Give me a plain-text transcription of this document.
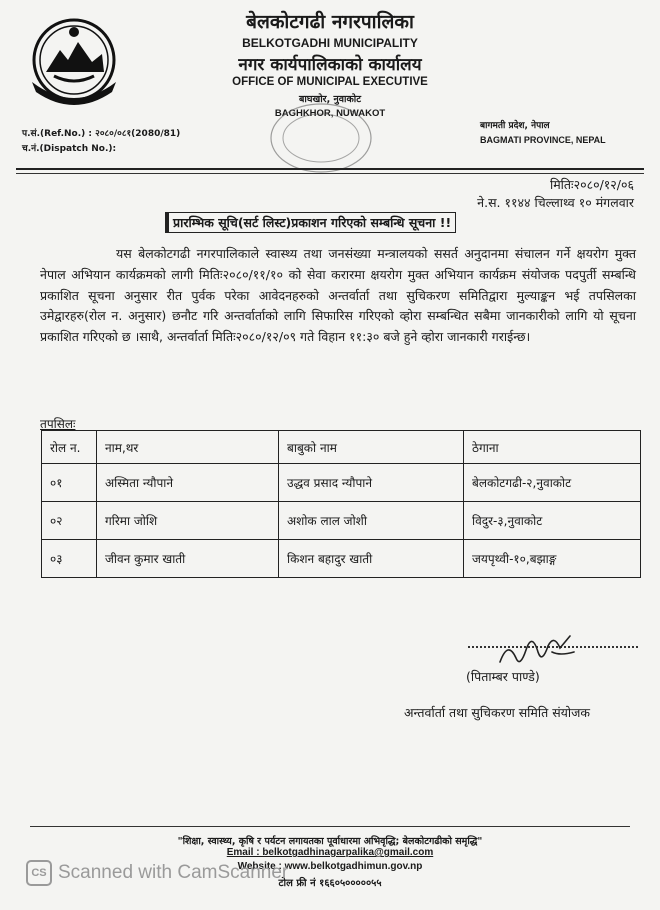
बेलकोटगढी नगरपालिका
BELKOTGADHI MUNICIPALITY
नगर कार्यपालिकाको कार्यालय
OFFICE OF MUNICIPAL EXECUTIVE
बाघखोर, नुवाकोट
BAGHKHOR, NUWAKOT
प.सं.(Ref.No.) : २०८०/०८१(2080/81)
च.नं.(Dispatch No.):
बागमती प्रदेश, नेपाल
BAGMATI PROVINCE, NEPAL
मितिः२०८०/१२/०६
ने.स. ११४४ चिल्लाथ्व १० मंगलवार
प्रारम्भिक सूचि(सर्ट लिस्ट)प्रकाशन गरिएको सम्बन्धि सूचना !!
यस बेलकोटगढी नगरपालिकाले स्वास्थ्य तथा जनसंख्या मन्त्रालयको ससर्त अनुदानमा संचालन गर्ने क्षयरोग मुक्त नेपाल अभियान कार्यक्रमको लागी मितिः२०८०/११/१० को सेवा करारमा क्षयरोग मुक्त अभियान कार्यक्रम संयोजक पदपुर्ती सम्बन्धि प्रकाशित सूचना अनुसार रीत पुर्वक परेका आवेदनहरुको अन्तर्वार्ता तथा सुचिकरण समितिद्वारा मुल्याङ्कन भई तपसिलका उमेद्वारहरु(रोल न. अनुसार) छनौट गरि अन्तर्वार्ताको लागि सिफारिस गरिएको व्होरा सम्बन्धित सबैमा जानकारीको लागि यो सूचना प्रकाशित गरिएको छ ।साथै, अन्तर्वार्ता मितिः२०८०/१२/०९ गते विहान ११:३० बजे हुने व्होरा जानकारी गराईन्छ।
तपसिलः
रोल न.	नाम,थर	बाबुको नाम	ठेगाना
०१	अस्मिता न्यौपाने	उद्धव प्रसाद न्यौपाने	बेलकोटगढी-२,नुवाकोट
०२	गरिमा जोशि	अशोक लाल जोशी	विदुर-३,नुवाकोट
०३	जीवन कुमार खाती	किशन बहादुर खाती	जयपृथ्वी-१०,बझाङ्ग
(पिताम्बर पाण्डे)
अन्तर्वार्ता तथा सुचिकरण समिति संयोजक
"शिक्षा, स्वास्थ्य, कृषि र पर्यटन लगायतका पूर्वाधारमा अभिवृद्धि; बेलकोटगढीको समृद्धि"
Email : belkotgadhinagarpalika@gmail.com
Website : www.belkotgadhimun.gov.np
टोल फ्री नं १६६०५०००००५५
CS Scanned with CamScanner
